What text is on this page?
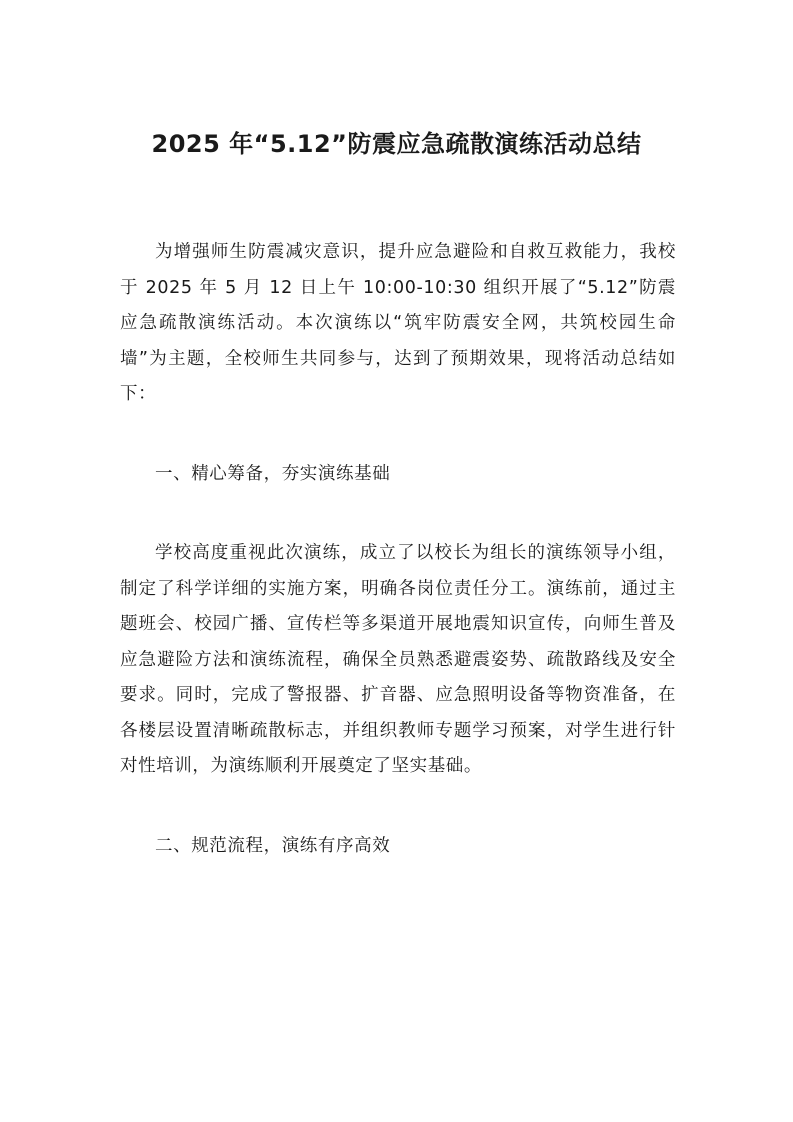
2025 年“5.12”防震应急疏散演练活动总结

为增强师生防震减灾意识，提升应急避险和自救互救能力，我校于 2025 年 5 月 12 日上午 10:00-10:30 组织开展了“5.12”防震应急疏散演练活动。本次演练以“筑牢防震安全网，共筑校园生命墙”为主题，全校师生共同参与，达到了预期效果，现将活动总结如下：

一、精心筹备，夯实演练基础

学校高度重视此次演练，成立了以校长为组长的演练领导小组，制定了科学详细的实施方案，明确各岗位责任分工。演练前，通过主题班会、校园广播、宣传栏等多渠道开展地震知识宣传，向师生普及应急避险方法和演练流程，确保全员熟悉避震姿势、疏散路线及安全要求。同时，完成了警报器、扩音器、应急照明设备等物资准备，在各楼层设置清晰疏散标志，并组织教师专题学习预案，对学生进行针对性培训，为演练顺利开展奠定了坚实基础。

二、规范流程，演练有序高效
